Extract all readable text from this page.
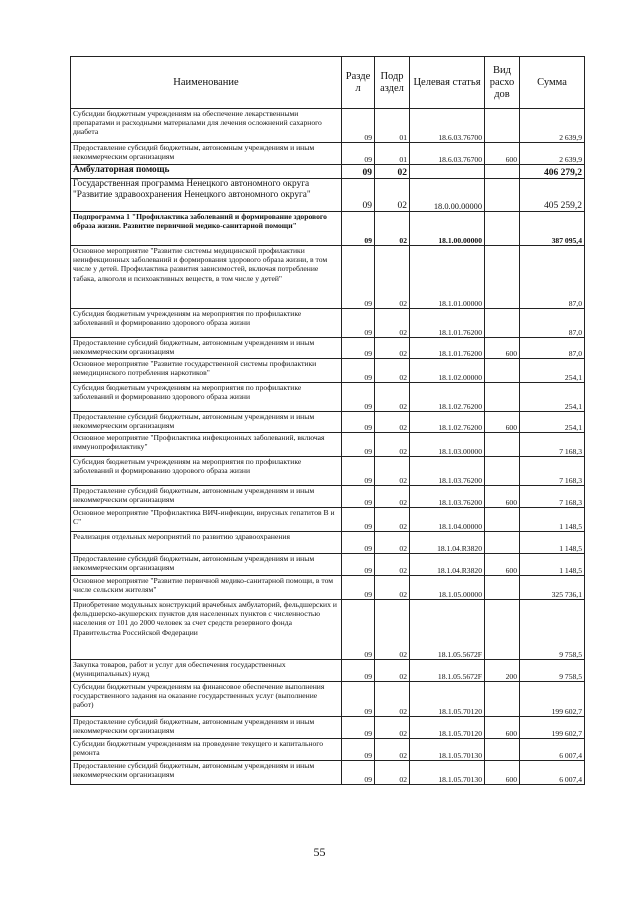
Наименование	Разде л	Подр аздел	Целевая статья	Вид расхо дов	Сумма
Субсидии бюджетным учреждениям на обеспечение лекарственными препаратами и расходными материалами для лечения осложнений сахарного диабета	09	01	18.6.03.76700		2 639,9
Предоставление субсидий бюджетным, автономным учреждениям и иным некоммерческим организациям	09	01	18.6.03.76700	600	2 639,9
Амбулаторная помощь	09	02			406 279,2
Государственная программа Ненецкого автономного округа "Развитие здравоохранения Ненецкого автономного округа"	09	02	18.0.00.00000		405 259,2
Подпрограмма 1 "Профилактика заболеваний и формирование здорового образа жизни. Развитие первичной медико-санитарной помощи"	09	02	18.1.00.00000		387 095,4
Основное мероприятие "Развитие системы медицинской профилактики неинфекционных заболеваний и формирования здорового образа жизни, в том числе у детей. Профилактика развития зависимостей, включая потребление табака, алкоголя и психоактивных веществ, в том числе у детей"	09	02	18.1.01.00000		87,0
Субсидия бюджетным учреждениям на мероприятия по профилактике заболеваний и формированию здорового образа жизни	09	02	18.1.01.76200		87,0
Предоставление субсидий бюджетным, автономным учреждениям и иным некоммерческим организациям	09	02	18.1.01.76200	600	87,0
Основное мероприятие "Развитие государственной системы профилактики немедицинского потребления наркотиков"	09	02	18.1.02.00000		254,1
Субсидия бюджетным учреждениям на мероприятия по профилактике заболеваний и формированию здорового образа жизни	09	02	18.1.02.76200		254,1
Предоставление субсидий бюджетным, автономным учреждениям и иным некоммерческим организациям	09	02	18.1.02.76200	600	254,1
Основное мероприятие "Профилактика инфекционных заболеваний, включая иммунопрофилактику"	09	02	18.1.03.00000		7 168,3
Субсидия бюджетным учреждениям на мероприятия по профилактике заболеваний и формированию здорового образа жизни	09	02	18.1.03.76200		7 168,3
Предоставление субсидий бюджетным, автономным учреждениям и иным некоммерческим организациям	09	02	18.1.03.76200	600	7 168,3
Основное мероприятие "Профилактика ВИЧ-инфекции, вирусных гепатитов В и С"	09	02	18.1.04.00000		1 148,5
Реализация отдельных мероприятий по развитию здравоохранения	09	02	18.1.04.R3820		1 148,5
Предоставление субсидий бюджетным, автономным учреждениям и иным некоммерческим организациям	09	02	18.1.04.R3820	600	1 148,5
Основное мероприятие "Развитие первичной медико-санитарной помощи, в том числе сельским жителям"	09	02	18.1.05.00000		325 736,1
Приобретение модульных конструкций врачебных амбулаторий, фельдшерских и фельдшерско-акушерских пунктов для населенных пунктов с численностью населения от 101 до 2000 человек за счет средств резервного фонда Правительства Российской Федерации	09	02	18.1.05.5672F		9 758,5
Закупка товаров, работ и услуг для обеспечения государственных (муниципальных) нужд	09	02	18.1.05.5672F	200	9 758,5
Субсидии бюджетным учреждениям на финансовое обеспечение выполнения государственного задания на оказание государственных услуг (выполнение работ)	09	02	18.1.05.70120		199 602,7
Предоставление субсидий бюджетным, автономным учреждениям и иным некоммерческим организациям	09	02	18.1.05.70120	600	199 602,7
Субсидии бюджетным учреждениям на проведение текущего и капитального ремонта	09	02	18.1.05.70130		6 007,4
Предоставление субсидий бюджетным, автономным учреждениям и иным некоммерческим организациям	09	02	18.1.05.70130	600	6 007,4
55
